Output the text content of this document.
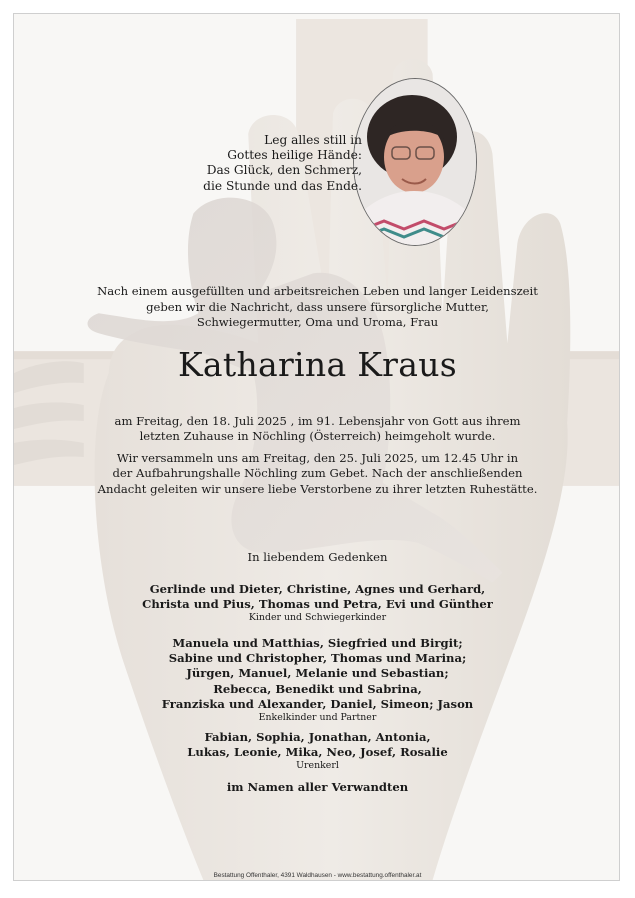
Leg alles still in
Gottes heilige Hände:
Das Glück, den Schmerz,
die Stunde und das Ende.
Nach einem ausgefüllten und arbeitsreichen Leben und langer Leidenszeit
geben wir die Nachricht, dass unsere fürsorgliche Mutter,
Schwiegermutter, Oma und Uroma, Frau
Katharina Kraus
am Freitag, den 18. Juli 2025 , im 91. Lebensjahr von Gott aus ihrem
letzten Zuhause in Nöchling (Österreich) heimgeholt wurde.
Wir versammeln uns am Freitag, den 25. Juli 2025, um 12.45 Uhr in
der Aufbahrungshalle Nöchling zum Gebet. Nach der anschließenden
Andacht geleiten wir unsere liebe Verstorbene zu ihrer letzten Ruhestätte.
In liebendem Gedenken
Gerlinde und Dieter, Christine, Agnes und Gerhard,
Christa und Pius, Thomas und Petra, Evi und Günther
Kinder und Schwiegerkinder
Manuela und Matthias, Siegfried und Birgit;
Sabine und Christopher, Thomas und Marina;
Jürgen, Manuel, Melanie und Sebastian;
Rebecca, Benedikt und Sabrina,
Franziska und Alexander, Daniel, Simeon; Jason
Enkelkinder und Partner
Fabian, Sophia, Jonathan, Antonia,
Lukas, Leonie, Mika, Neo, Josef, Rosalie
Urenkerl
im Namen aller Verwandten
Bestattung Offenthaler, 4391 Waldhausen - www.bestattung.offenthaler.at
